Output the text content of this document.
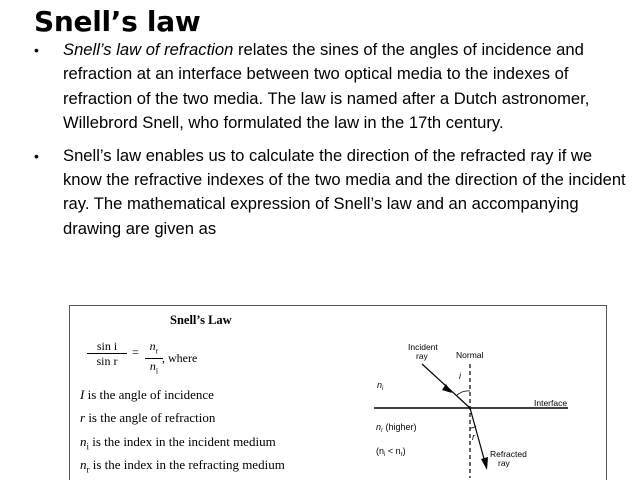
Snell’s law
•	Snell’s law of refraction relates the sines of the angles of incidence and refraction at an interface between two optical media to the indexes of refraction of the two media. The law is named after a Dutch astronomer, Willebrord Snell, who formulated the law in the 17th century.
•	Snell’s law enables us to calculate the direction of the refracted ray if we know the refractive indexes of the two media and the direction of the incident ray. The mathematical expression of Snell’s law and an accompanying drawing are given as
Snell’s Law
$\frac{\text{sin i}}{\text{sin r}} = \frac{n_r}{n_i}$ , where
I is the angle of incidence
r is the angle of refraction
$n_i$ is the index in the incident medium
$n_r$ is the index in the refracting medium
Incident
ray	Normal
i
r
$n_i$
Interface
$n_r$ (higher)
$(n_i < n_r)$	Refracted
ray
